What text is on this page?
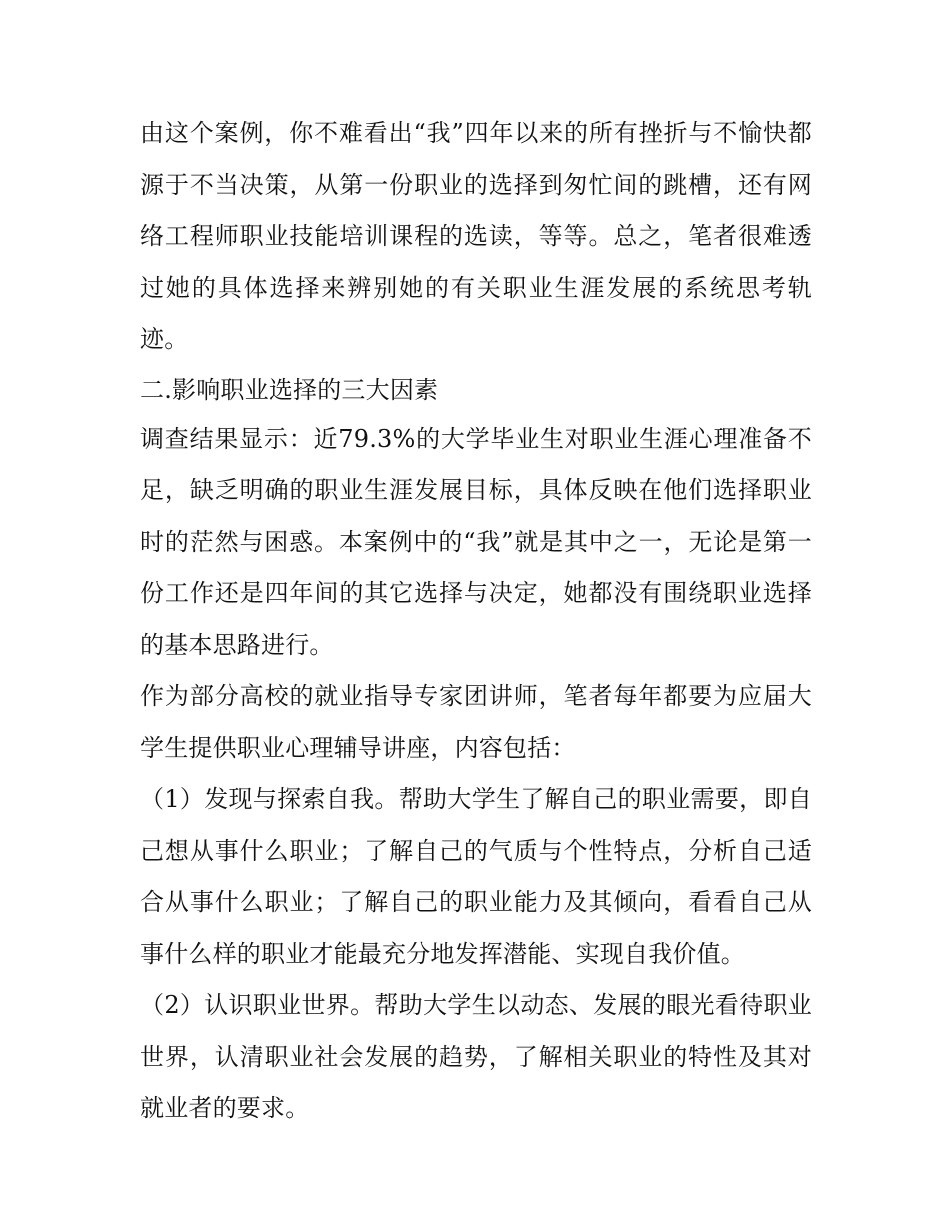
由这个案例，你不难看出“我”四年以来的所有挫折与不愉快都源于不当决策，从第一份职业的选择到匆忙间的跳槽，还有网络工程师职业技能培训课程的选读，等等。总之，笔者很难透过她的具体选择来辨别她的有关职业生涯发展的系统思考轨迹。

二.影响职业选择的三大因素

调查结果显示：近79.3%的大学毕业生对职业生涯心理准备不足，缺乏明确的职业生涯发展目标，具体反映在他们选择职业时的茫然与困惑。本案例中的“我”就是其中之一，无论是第一份工作还是四年间的其它选择与决定，她都没有围绕职业选择的基本思路进行。

作为部分高校的就业指导专家团讲师，笔者每年都要为应届大学生提供职业心理辅导讲座，内容包括：

（1）发现与探索自我。帮助大学生了解自己的职业需要，即自己想从事什么职业；了解自己的气质与个性特点，分析自己适合从事什么职业；了解自己的职业能力及其倾向，看看自己从事什么样的职业才能最充分地发挥潜能、实现自我价值。

（2）认识职业世界。帮助大学生以动态、发展的眼光看待职业世界，认清职业社会发展的趋势，了解相关职业的特性及其对就业者的要求。
